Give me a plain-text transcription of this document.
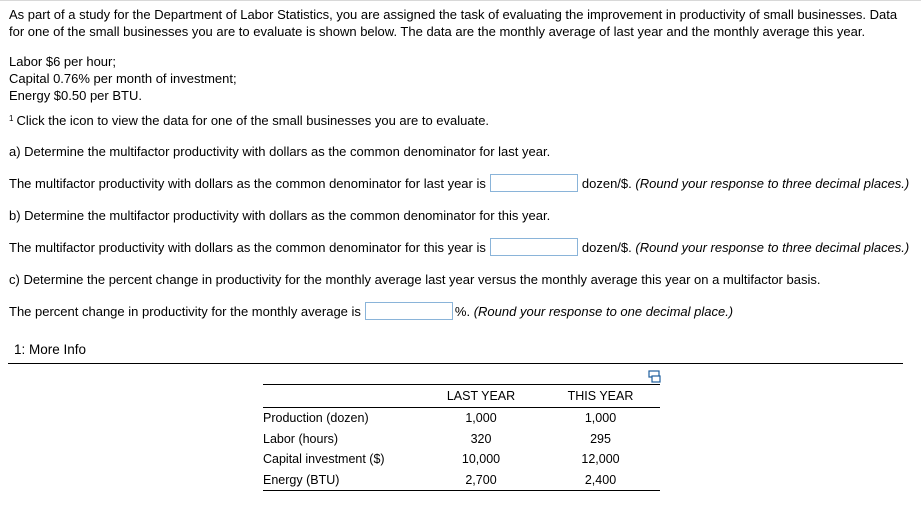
As part of a study for the Department of Labor Statistics, you are assigned the task of evaluating the improvement in productivity of small businesses. Data
for one of the small businesses you are to evaluate is shown below. The data are the monthly average of last year and the monthly average this year.
Labor $6 per hour;
Capital 0.76% per month of investment;
Energy $0.50 per BTU.
$^1$ Click the icon to view the data for one of the small businesses you are to evaluate.
a) Determine the multifactor productivity with dollars as the common denominator for last year.
The multifactor productivity with dollars as the common denominator for last year is	dozen/$.
(Round your response to three decimal places.)
b) Determine the multifactor productivity with dollars as the common denominator for this year.
The multifactor productivity with dollars as the common denominator for this year is	dozen/$.
(Round your response to three decimal places.)
c) Determine the percent change in productivity for the monthly average last year versus the monthly average this year on a multifactor basis.
The percent change in productivity for the monthly average is	%.
(Round your response to one decimal place.)
1: More Info
	LAST YEAR	THIS YEAR
Production (dozen)	1,000	1,000
Labor (hours)	320	295
Capital investment ($)	10,000	12,000
Energy (BTU)	2,700	2,400
